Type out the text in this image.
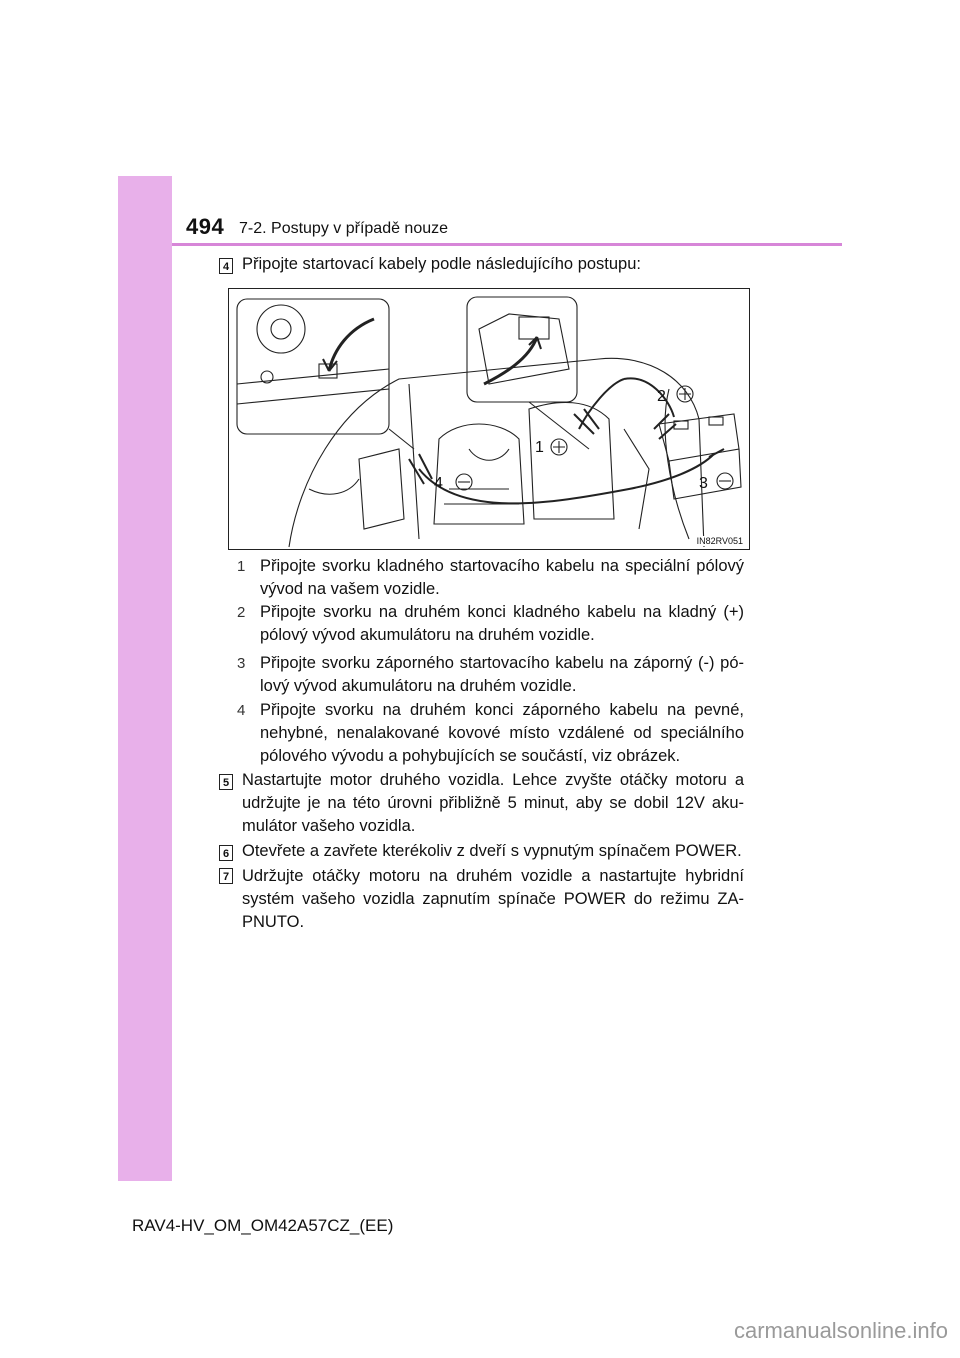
494 7-2. Postupy v případě nouze
4 Připojte startovací kabely podle následujícího postupu:
1
2
3
4
IN82RV051
1 Připojte svorku kladného startovacího kabelu na speciální pólový vývod na vašem vozidle.
2 Připojte svorku na druhém konci kladného kabelu na kladný (+) pólový vývod akumulátoru na druhém vozidle.
3 Připojte svorku záporného startovacího kabelu na záporný (-) pó-lový vývod akumulátoru na druhém vozidle.
4 Připojte svorku na druhém konci záporného kabelu na pevné, nehybné, nenalakované kovové místo vzdálené od speciálního pólového vývodu a pohybujících se součástí, viz obrázek.
5 Nastartujte motor druhého vozidla. Lehce zvyšte otáčky motoru a udržujte je na této úrovni přibližně 5 minut, aby se dobil 12V aku-mulátor vašeho vozidla.
6 Otevřete a zavřete kterékoliv z dveří s vypnutým spínačem POWER.
7 Udržujte otáčky motoru na druhém vozidle a nastartujte hybridní systém vašeho vozidla zapnutím spínače POWER do režimu ZA-PNUTO.
RAV4-HV_OM_OM42A57CZ_(EE)
carmanualsonline.info
